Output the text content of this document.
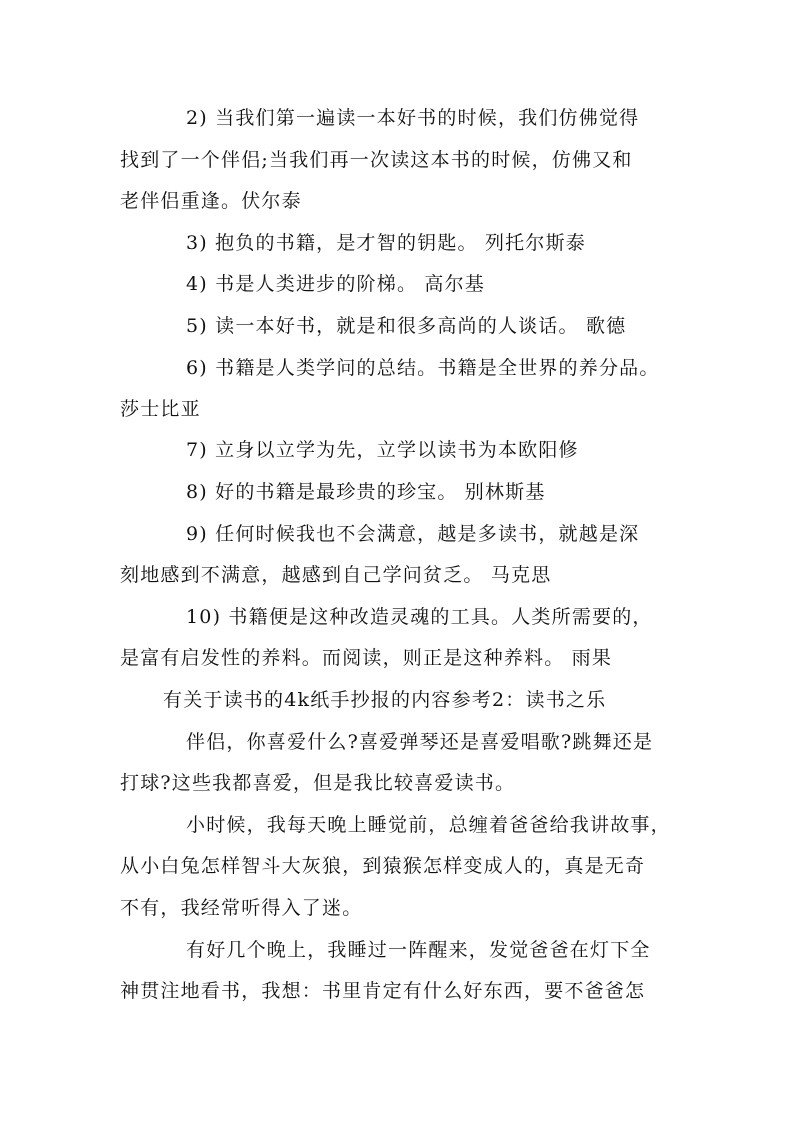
2) 当我们第一遍读一本好书的时候，我们仿佛觉得
找到了一个伴侣;当我们再一次读这本书的时候，仿佛又和
老伴侣重逢。伏尔泰
3) 抱负的书籍，是才智的钥匙。 列托尔斯泰
4) 书是人类进步的阶梯。 高尔基
5) 读一本好书，就是和很多高尚的人谈话。 歌德
6) 书籍是人类学问的总结。书籍是全世界的养分品。
莎士比亚
7) 立身以立学为先，立学以读书为本欧阳修
8) 好的书籍是最珍贵的珍宝。 别林斯基
9) 任何时候我也不会满意，越是多读书，就越是深
刻地感到不满意，越感到自己学问贫乏。 马克思
10) 书籍便是这种改造灵魂的工具。人类所需要的，
是富有启发性的养料。而阅读，则正是这种养料。 雨果
有关于读书的4k纸手抄报的内容参考2：读书之乐
伴侣，你喜爱什么?喜爱弹琴还是喜爱唱歌?跳舞还是
打球?这些我都喜爱，但是我比较喜爱读书。
小时候，我每天晚上睡觉前，总缠着爸爸给我讲故事，
从小白兔怎样智斗大灰狼，到猿猴怎样变成人的，真是无奇
不有，我经常听得入了迷。
有好几个晚上，我睡过一阵醒来，发觉爸爸在灯下全
神贯注地看书，我想：书里肯定有什么好东西，要不爸爸怎
